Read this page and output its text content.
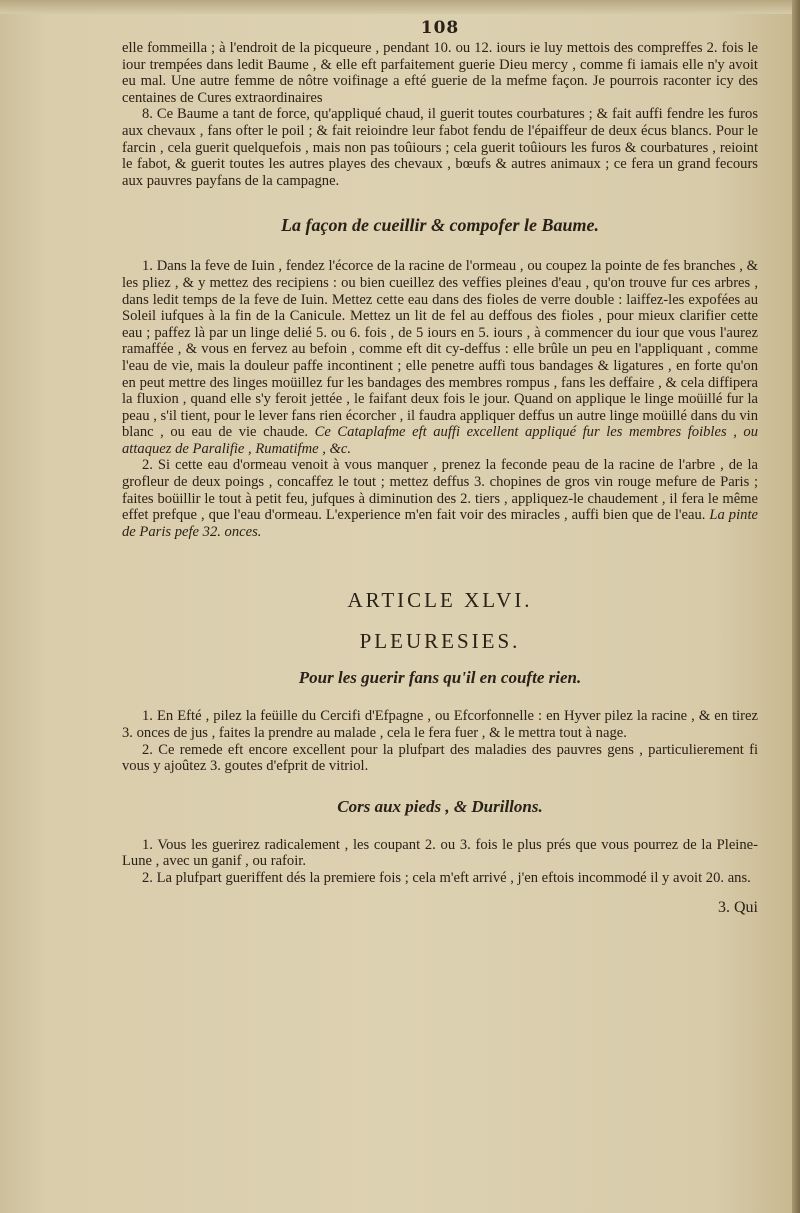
108

elle fommeilla ; à l'endroit de la picqueure , pendant 10. ou 12. iours ie luy mettois des compreffes 2. fois le iour trempées dans ledit Baume , & elle eft parfaitement guerie Dieu mercy , comme fi iamais elle n'y avoit eu mal. Une autre femme de nôtre voifinage a efté guerie de la mefme façon. Je pourrois raconter icy des centaines de Cures extraordinaires

8. Ce Baume a tant de force, qu'appliqué chaud, il guerit toutes courbatures ; & fait auffi fendre les furos aux chevaux , fans ofter le poil ; & fait reioindre leur fabot fendu de l'épaiffeur de deux écus blancs. Pour le farcin , cela guerit quelquefois , mais non pas toûiours ; cela guerit toûiours les furos & courbatures , reioint le fabot, & guerit toutes les autres playes des chevaux , bœufs & autres animaux ; ce fera un grand fecours aux pauvres payfans de la campagne.

La façon de cueillir & compofer le Baume.

1. Dans la feve de Iuin , fendez l'écorce de la racine de l'ormeau , ou coupez la pointe de fes branches , & les pliez , & y mettez des recipiens : ou bien cueillez des veffies pleines d'eau , qu'on trouve fur ces arbres , dans ledit temps de la feve de Iuin. Mettez cette eau dans des fioles de verre double : laiffez-les expofées au Soleil iufques à la fin de la Canicule. Mettez un lit de fel au deffous des fioles , pour mieux clarifier cette eau ; paffez là par un linge delié 5. ou 6. fois , de 5 iours en 5. iours , à commencer du iour que vous l'aurez ramaffée , & vous en fervez au befoin , comme eft dit cy-deffus : elle brûle un peu en l'appliquant , comme l'eau de vie, mais la douleur paffe incontinent ; elle penetre auffi tous bandages & ligatures , en forte qu'on en peut mettre des linges moüillez fur les bandages des membres rompus , fans les deffaire , & cela diffipera la fluxion , quand elle s'y feroit jettée , le faifant deux fois le jour. Quand on applique le linge moüillé fur la peau , s'il tient, pour le lever fans rien écorcher , il faudra appliquer deffus un autre linge moüillé dans du vin blanc , ou eau de vie chaude. Ce Cataplafme eft auffi excellent appliqué fur les membres foibles , ou attaquez de Paralifie , Rumatifme , &c.

2. Si cette eau d'ormeau venoit à vous manquer , prenez la feconde peau de la racine de l'arbre , de la grofleur de deux poings , concaffez le tout ; mettez deffus 3. chopines de gros vin rouge mefure de Paris ; faites boüillir le tout à petit feu, jufques à diminution des 2. tiers , appliquez-le chaudement , il fera le même effet prefque , que l'eau d'ormeau. L'experience m'en fait voir des miracles , auffi bien que de l'eau. La pinte de Paris pefe 32. onces.

ARTICLE XLVI.
PLEURESIES.
Pour les guerir fans qu'il en coufte rien.

1. En Efté , pilez la feüille du Cercifi d'Efpagne , ou Efcorfonnelle : en Hyver pilez la racine , & en tirez 3. onces de jus , faites la prendre au malade , cela le fera fuer , & le mettra tout à nage.

2. Ce remede eft encore excellent pour la plufpart des maladies des pauvres gens , particulierement fi vous y ajoûtez 3. goutes d'efprit de vitriol.

Cors aux pieds , & Durillons.

1. Vous les guerirez radicalement , les coupant 2. ou 3. fois le plus prés que vous pourrez de la Pleine-Lune , avec un ganif , ou rafoir.

2. La plufpart gueriffent dés la premiere fois ; cela m'eft arrivé , j'en eftois incommodé il y avoit 20. ans.

3. Qui
